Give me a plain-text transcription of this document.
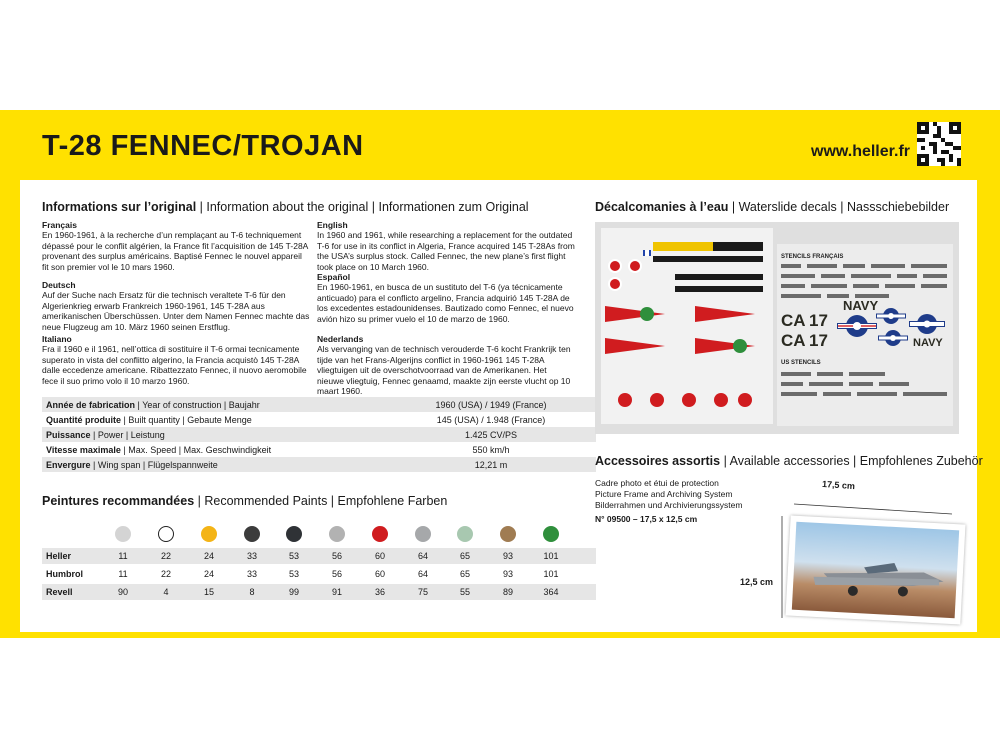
T-28 FENNEC/TROJAN	www.heller.fr
Informations sur l’original | Information about the original | Informationen zum Original
Français
En 1960-1961, à la recherche d’un remplaçant au T-6 techniquement dépassé pour le conflit algérien, la France fit l’acquisition de 145 T-28A provenant des surplus américains. Baptisé Fennec le nouvel appareil fit son premier vol le 10 mars 1960.
Deutsch
Auf der Suche nach Ersatz für die technisch veraltete T-6 für den Algerienkrieg erwarb Frankreich 1960-1961, 145 T-28A aus amerikanischen Überschüssen. Unter dem Namen Fennec machte das neue Flugzeug am 10. März 1960 seinen Erstflug.
Italiano
Fra il 1960 e il 1961, nell’ottica di sostituire il T-6 ormai tecnicamente superato in vista del conflitto algerino, la Francia acquistò 145 T-28A dalle eccedenze americane. Ribattezzato Fennec, il nuovo aeromobile fece il suo primo volo il 10 marzo 1960.
English
In 1960 and 1961, while researching a replacement for the outdated T-6 for use in its conflict in Algeria, France acquired 145 T-28As from the USA’s surplus stock. Called Fennec, the new plane’s first flight took place on 10 March 1960.
Español
En 1960-1961, en busca de un sustituto del T-6 (ya técnicamente anticuado) para el conflicto argelino, Francia adquirió 145 T-28A de los excedentes estadounidenses. Bautizado como Fennec, el nuevo avión hizo su primer vuelo el 10 de marzo de 1960.
Nederlands
Als vervanging van de technisch verouderde T-6 kocht Frankrijk ten tijde van het Frans-Algerijns conflict in 1960-1961 145 T-28A vliegtuigen uit de overschotvoorraad van de Amerikanen. Het nieuwe vliegtuig, Fennec genaamd, maakte zijn eerste vlucht op 10 maart 1960.
Année de fabrication | Year of construction | Baujahr	1960 (USA) / 1949 (France)
Quantité produite | Built quantity | Gebaute Menge	145 (USA) / 1.948 (France)
Puissance | Power | Leistung	1.425 CV/PS
Vitesse maximale | Max. Speed | Max. Geschwindigkeit	550 km/h
Envergure | Wing span | Flügelspannweite	12,21 m
Peintures recommandées | Recommended Paints | Empfohlene Farben
Heller	11	22	24	33	53	56	60	64	65	93	101
Humbrol	11	22	24	33	53	56	60	64	65	93	101
Revell	90	4	15	8	99	91	36	75	55	89	364
Décalcomanies à l’eau | Waterslide decals | Nassschiebebilder
STENCILS FRANÇAIS
CA 17
CA 17
NAVY
NAVY
US STENCILS
Accessoires assortis | Available accessories | Empfohlenes Zubehör
Cadre photo et étui de protection
Picture Frame and Archiving System
Bilderrahmen und Archivierungssystem
N° 09500 – 17,5 x 12,5 cm
17,5 cm
12,5 cm
